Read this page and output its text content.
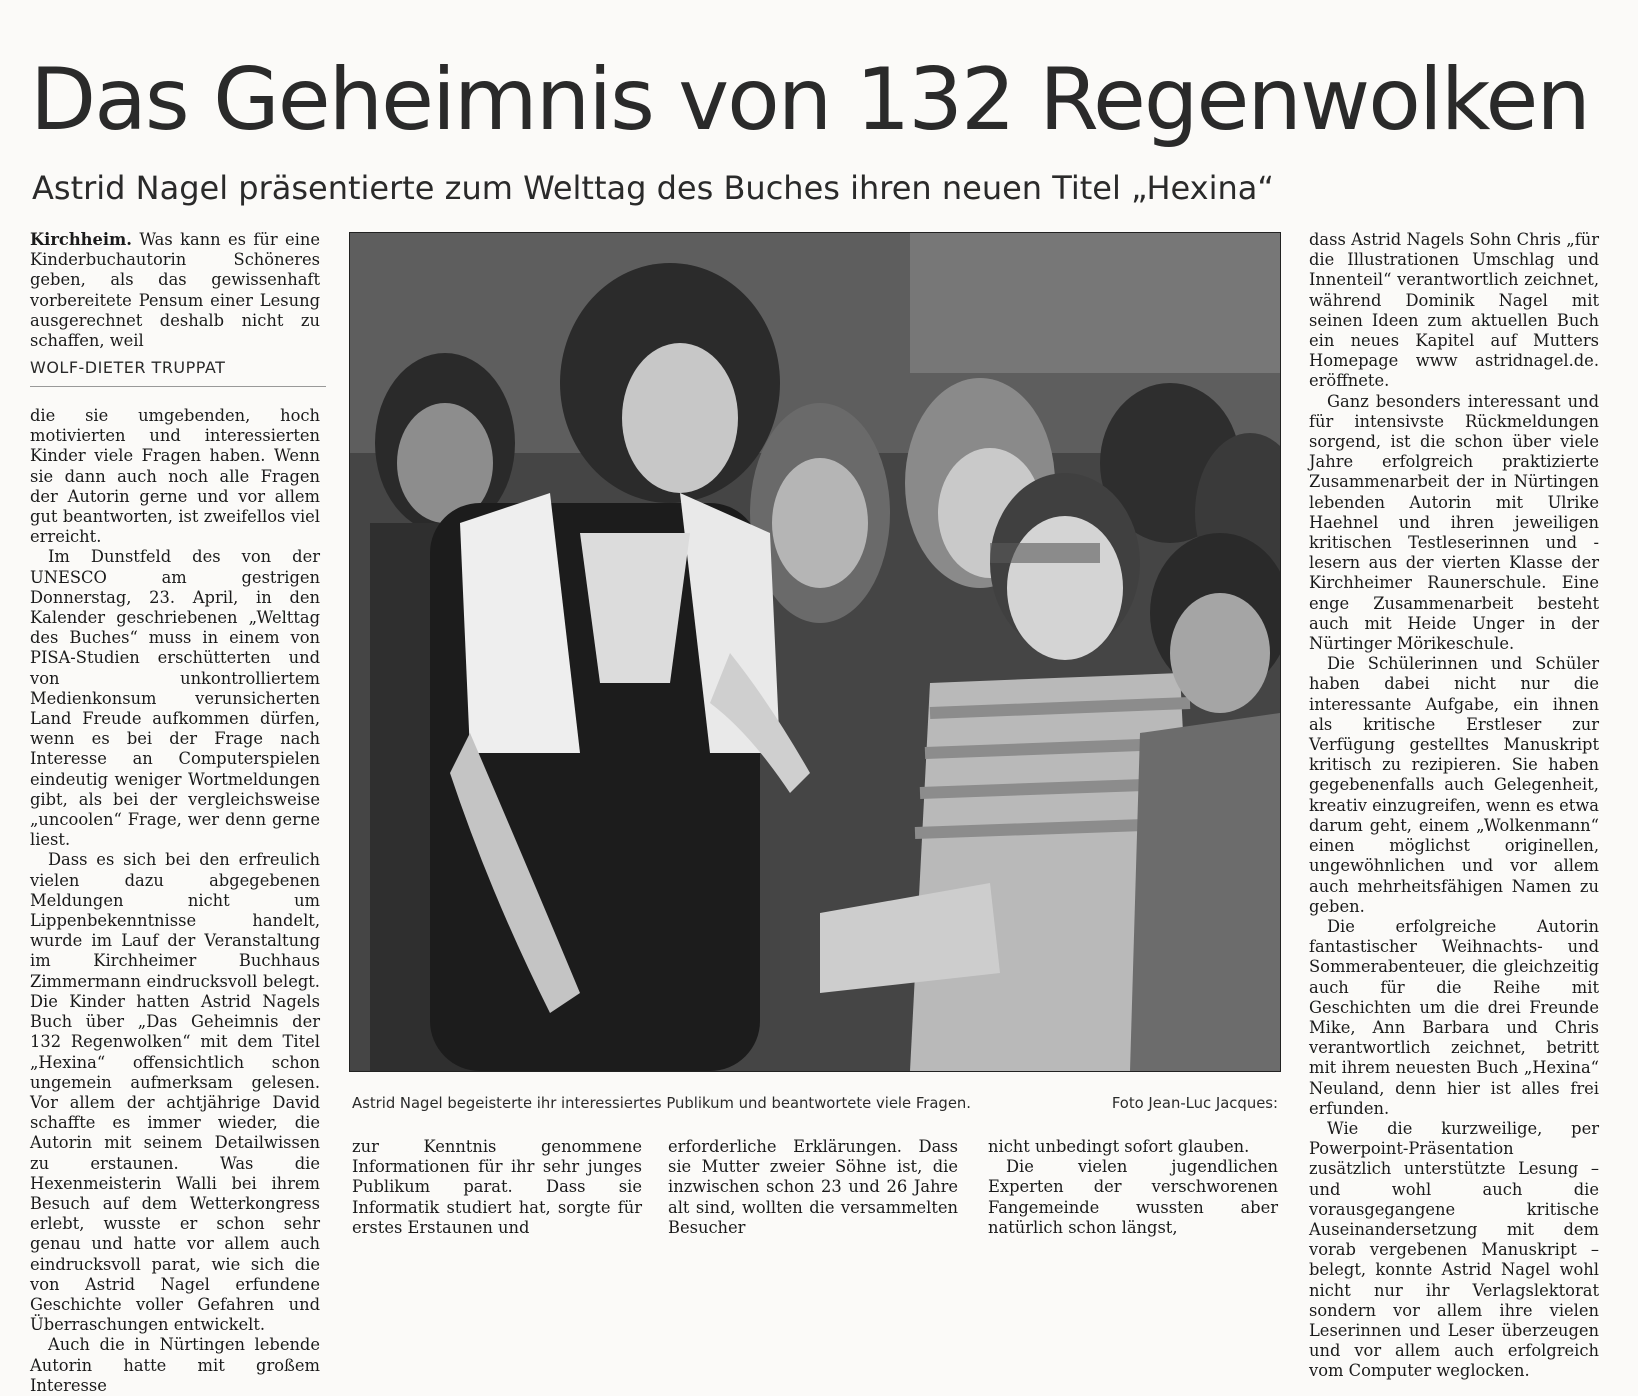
Das Geheimnis von 132 Regenwolken
Astrid Nagel präsentierte zum Welttag des Buches ihren neuen Titel „Hexina“

Kirchheim. Was kann es für eine Kinderbuchautorin Schöneres geben, als das gewissenhaft vorbereitete Pensum einer Lesung ausgerechnet deshalb nicht zu schaffen, weil

WOLF-DIETER TRUPPAT

die sie umgebenden, hoch motivierten und interessierten Kinder viele Fragen haben. Wenn sie dann auch noch alle Fragen der Autorin gerne und vor allem gut beantworten, ist zweifellos viel erreicht.

Im Dunstfeld des von der UNESCO am gestrigen Donnerstag, 23. April, in den Kalender geschriebenen „Welttag des Buches“ muss in einem von PISA-Studien erschütterten und von unkontrolliertem Medienkonsum verunsicherten Land Freude aufkommen dürfen, wenn es bei der Frage nach Interesse an Computerspielen eindeutig weniger Wortmeldungen gibt, als bei der vergleichsweise „uncoolen“ Frage, wer denn gerne liest.

Dass es sich bei den erfreulich vielen dazu abgegebenen Meldungen nicht um Lippenbekenntnisse handelt, wurde im Lauf der Veranstaltung im Kirchheimer Buchhaus Zimmermann eindrucksvoll belegt. Die Kinder hatten Astrid Nagels Buch über „Das Geheimnis der 132 Regenwolken“ mit dem Titel „Hexina“ offensichtlich schon ungemein aufmerksam gelesen. Vor allem der achtjährige David schaffte es immer wieder, die Autorin mit seinem Detailwissen zu erstaunen. Was die Hexenmeisterin Walli bei ihrem Besuch auf dem Wetterkongress erlebt, wusste er schon sehr genau und hatte vor allem auch eindrucksvoll parat, wie sich die von Astrid Nagel erfundene Geschichte voller Gefahren und Überraschungen entwickelt.

Auch die in Nürtingen lebende Autorin hatte mit großem Interesse

Astrid Nagel begeisterte ihr interessiertes Publikum und beantwortete viele Fragen.	Foto Jean-Luc Jacques:

zur Kenntnis genommene Informationen für ihr sehr junges Publikum parat. Dass sie Informatik studiert hat, sorgte für erstes Erstaunen und

erforderliche Erklärungen. Dass sie Mutter zweier Söhne ist, die inzwischen schon 23 und 26 Jahre alt sind, wollten die versammelten Besucher

nicht unbedingt sofort glauben.

Die vielen jugendlichen Experten der verschworenen Fangemeinde wussten aber natürlich schon längst,

dass Astrid Nagels Sohn Chris „für die Illustrationen Umschlag und Innenteil“ verantwortlich zeichnet, während Dominik Nagel mit seinen Ideen zum aktuellen Buch ein neues Kapitel auf Mutters Homepage www astridnagel.de. eröffnete.

Ganz besonders interessant und für intensivste Rückmeldungen sorgend, ist die schon über viele Jahre erfolgreich praktizierte Zusammenarbeit der in Nürtingen lebenden Autorin mit Ulrike Haehnel und ihren jeweiligen kritischen Testleserinnen und -lesern aus der vierten Klasse der Kirchheimer Raunerschule. Eine enge Zusammenarbeit besteht auch mit Heide Unger in der Nürtinger Mörikeschule.

Die Schülerinnen und Schüler haben dabei nicht nur die interessante Aufgabe, ein ihnen als kritische Erstleser zur Verfügung gestelltes Manuskript kritisch zu rezipieren. Sie haben gegebenenfalls auch Gelegenheit, kreativ einzugreifen, wenn es etwa darum geht, einem „Wolkenmann“ einen möglichst originellen, ungewöhnlichen und vor allem auch mehrheitsfähigen Namen zu geben.

Die erfolgreiche Autorin fantastischer Weihnachts- und Sommerabenteuer, die gleichzeitig auch für die Reihe mit Geschichten um die drei Freunde Mike, Ann Barbara und Chris verantwortlich zeichnet, betritt mit ihrem neuesten Buch „Hexina“ Neuland, denn hier ist alles frei erfunden.

Wie die kurzweilige, per Powerpoint-Präsentation zusätzlich unterstützte Lesung – und wohl auch die vorausgegangene kritische Auseinandersetzung mit dem vorab vergebenen Manuskript – belegt, konnte Astrid Nagel wohl nicht nur ihr Verlagslektorat sondern vor allem ihre vielen Leserinnen und Leser überzeugen und vor allem auch erfolgreich vom Computer weglocken.
